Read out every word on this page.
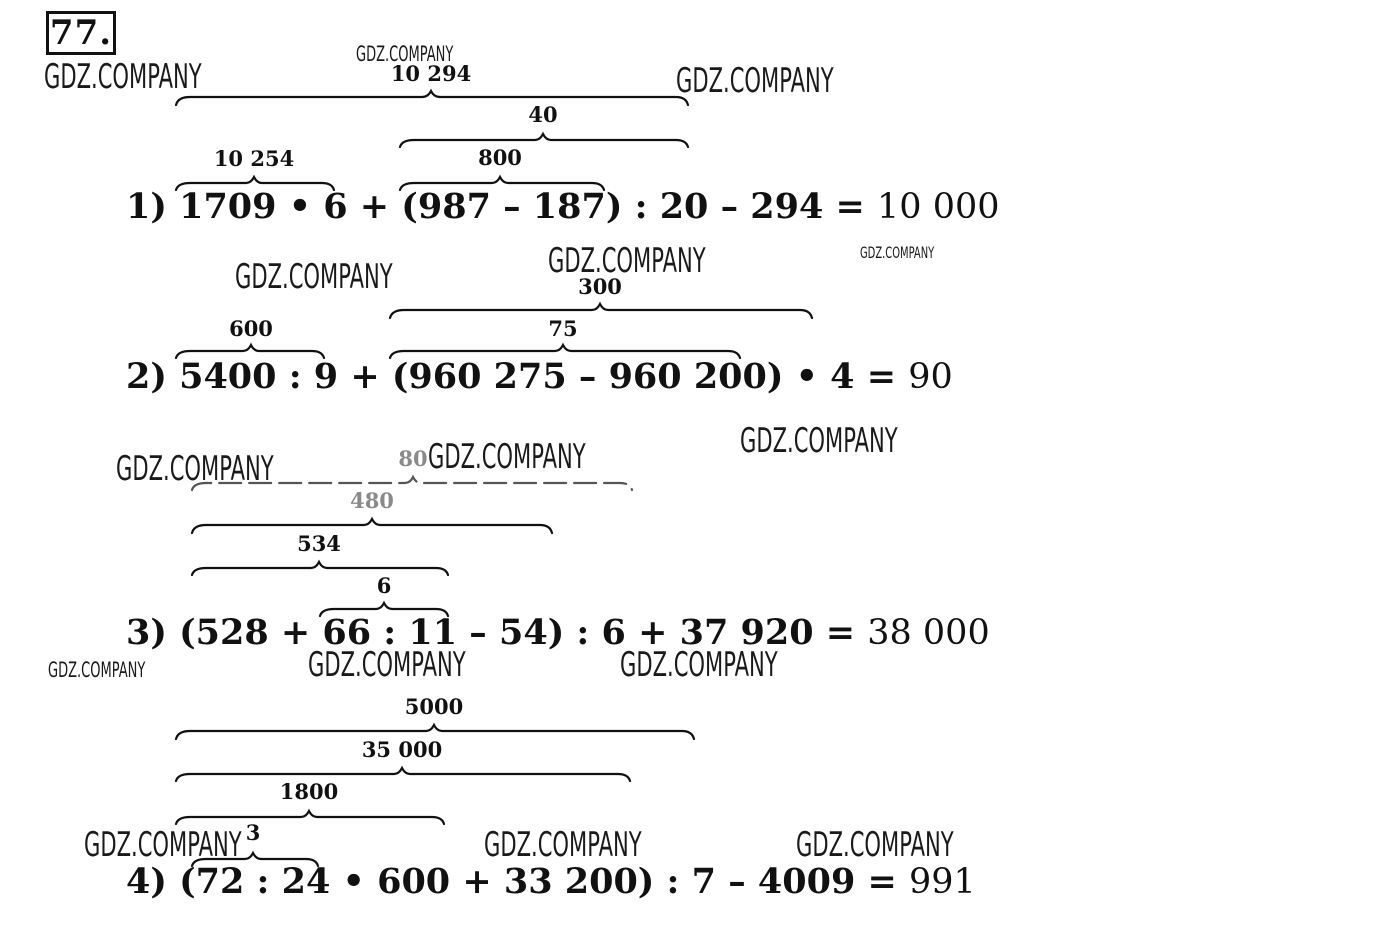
77.
10 294
40
10 254	800
300
600	75
80
480
534
6
5000
35 000
1800
3
1) 1709 • 6 + (987 – 187) : 20 – 294 = 10 000
2) 5400 : 9 + (960 275 – 960 200) • 4 = 90
3) (528 + 66 : 11 – 54) : 6 + 37 920 = 38 000
4) (72 : 24 • 600 + 33 200) : 7 – 4009 = 991
GDZ.COMPANY
GDZ.COMPANY
GDZ.COMPANY
GDZ.COMPANY	GDZ.COMPANY	GDZ.COMPANY
GDZ.COMPANY
GDZ.COMPANY	GDZ.COMPANY
GDZ.COMPANY	GDZ.COMPANY	GDZ.COMPANY
GDZ.COMPANY	GDZ.COMPANY	GDZ.COMPANY
